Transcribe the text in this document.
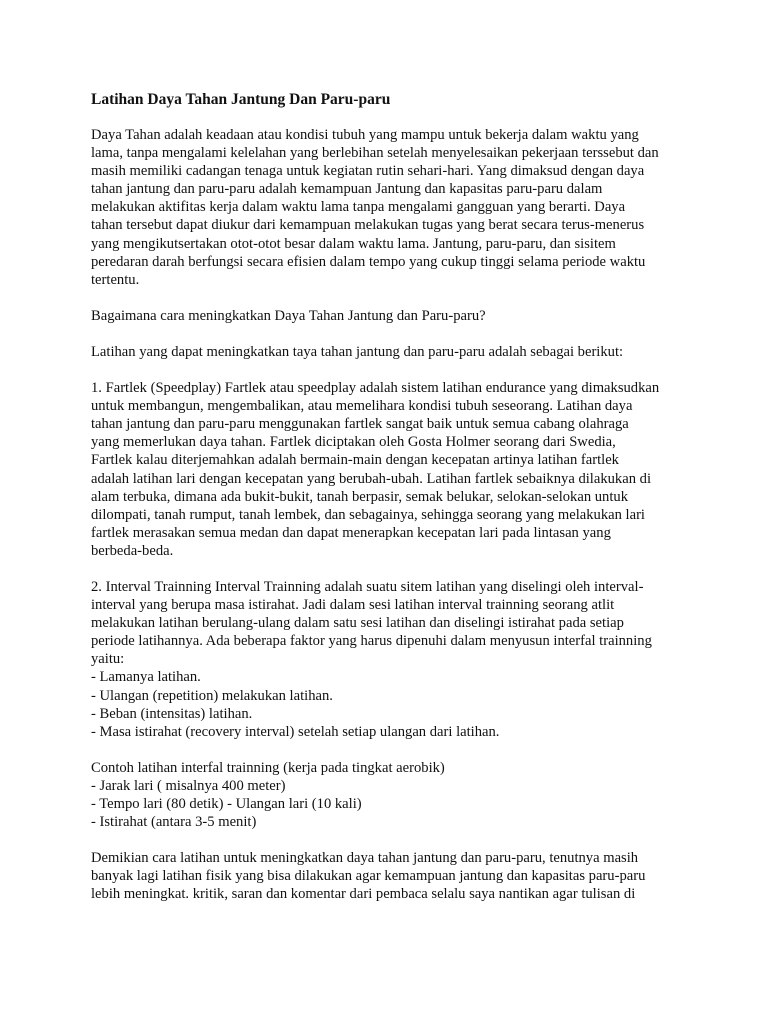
Latihan Daya Tahan Jantung Dan Paru-paru
Daya Tahan adalah keadaan atau kondisi tubuh yang mampu untuk bekerja dalam waktu yang
lama, tanpa mengalami kelelahan yang berlebihan setelah menyelesaikan pekerjaan terssebut dan
masih memiliki cadangan tenaga untuk kegiatan rutin sehari-hari. Yang dimaksud dengan daya
tahan jantung dan paru-paru adalah kemampuan Jantung dan kapasitas paru-paru dalam
melakukan aktifitas kerja dalam waktu lama tanpa mengalami gangguan yang berarti. Daya
tahan tersebut dapat diukur dari kemampuan melakukan tugas yang berat secara terus-menerus
yang mengikutsertakan otot-otot besar dalam waktu lama. Jantung, paru-paru, dan sisitem
peredaran darah berfungsi secara efisien dalam tempo yang cukup tinggi selama periode waktu
tertentu.
Bagaimana cara meningkatkan Daya Tahan Jantung dan Paru-paru?
Latihan yang dapat meningkatkan taya tahan jantung dan paru-paru adalah sebagai berikut:
1. Fartlek (Speedplay) Fartlek atau speedplay adalah sistem latihan endurance yang dimaksudkan
untuk membangun, mengembalikan, atau memelihara kondisi tubuh seseorang. Latihan daya
tahan jantung dan paru-paru menggunakan fartlek sangat baik untuk semua cabang olahraga
yang memerlukan daya tahan. Fartlek diciptakan oleh Gosta Holmer seorang dari Swedia,
Fartlek kalau diterjemahkan adalah bermain-main dengan kecepatan artinya latihan fartlek
adalah latihan lari dengan kecepatan yang berubah-ubah. Latihan fartlek sebaiknya dilakukan di
alam terbuka, dimana ada bukit-bukit, tanah berpasir, semak belukar, selokan-selokan untuk
dilompati, tanah rumput, tanah lembek, dan sebagainya, sehingga seorang yang melakukan lari
fartlek merasakan semua medan dan dapat menerapkan kecepatan lari pada lintasan yang
berbeda-beda.
2. Interval Trainning Interval Trainning adalah suatu sitem latihan yang diselingi oleh interval-
interval yang berupa masa istirahat. Jadi dalam sesi latihan interval trainning seorang atlit
melakukan latihan berulang-ulang dalam satu sesi latihan dan diselingi istirahat pada setiap
periode latihannya. Ada beberapa faktor yang harus dipenuhi dalam menyusun interfal trainning
yaitu:
- Lamanya latihan.
- Ulangan (repetition) melakukan latihan.
- Beban (intensitas) latihan.
- Masa istirahat (recovery interval) setelah setiap ulangan dari latihan.
Contoh latihan interfal trainning (kerja pada tingkat aerobik)
- Jarak lari ( misalnya 400 meter)
- Tempo lari (80 detik) - Ulangan lari (10 kali)
- Istirahat (antara 3-5 menit)
Demikian cara latihan untuk meningkatkan daya tahan jantung dan paru-paru, tenutnya masih
banyak lagi latihan fisik yang bisa dilakukan agar kemampuan jantung dan kapasitas paru-paru
lebih meningkat. kritik, saran dan komentar dari pembaca selalu saya nantikan agar tulisan di
